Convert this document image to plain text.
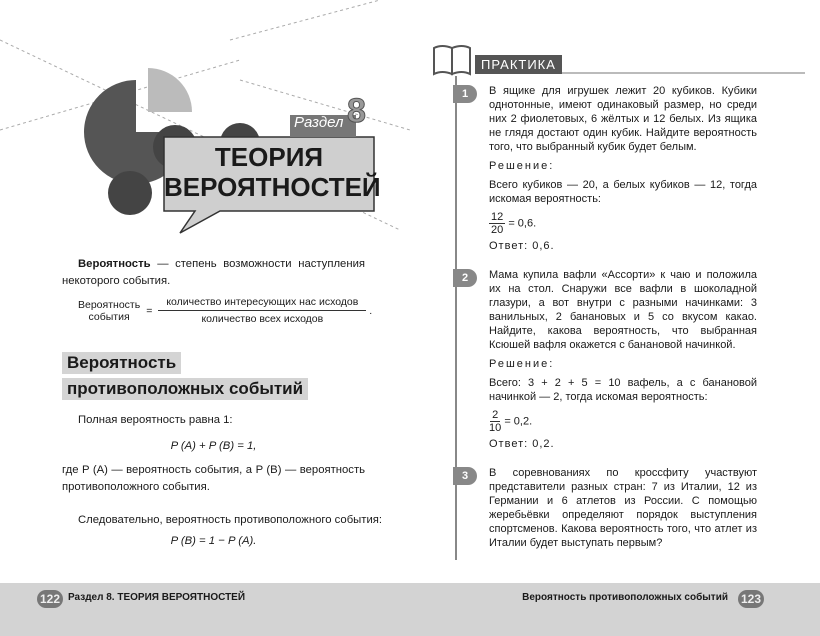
Раздел 8
ТЕОРИЯ
ВЕРОЯТНОСТЕЙ
Вероятность — степень возможности наступления некоторого события.
Вероятность
события	= $\frac{\text{количество интересующих нас исходов}}{\text{количество всех исходов}}$ .
Вероятность
противоположных событий
Полная вероятность равна 1:
P (A) + P (B) = 1,
где P (A) — вероятность события, а P (B) — вероятность противоположного события.
Следовательно, вероятность противоположного события:
P (B) = 1 − P (A).
ПРАКТИКА
1	В ящике для игрушек лежит 20 кубиков. Кубики однотонные, имеют одинаковый размер, но среди них 2 фиолетовых, 6 жёлтых и 12 белых. Из ящика не глядя достают один кубик. Найдите вероятность того, что выбранный кубик будет белым.
Решение:
Всего кубиков — 20, а белых кубиков — 12, тогда искомая вероятность:
$\frac{12}{20} = 0,6$.
Ответ: 0,6.
2	Мама купила вафли «Ассорти» к чаю и положила их на стол. Снаружи все вафли в шоколадной глазури, а вот внутри с разными начинками: 3 ванильных, 2 банановых и 5 со вкусом какао. Найдите, какова вероятность, что выбранная Ксюшей вафля окажется с банановой начинкой.
Решение:
Всего: 3 + 2 + 5 = 10 вафель, а с банановой начинкой — 2, тогда искомая вероятность:
$\frac{2}{10} = 0,2$.
Ответ: 0,2.
3	В соревнованиях по кроссфиту участвуют представители разных стран: 7 из Италии, 12 из Германии и 6 атлетов из России. С помощью жеребьёвки определяют порядок выступления спортсменов. Какова вероятность того, что атлет из Италии будет выступать первым?
122 Раздел 8. ТЕОРИЯ ВЕРОЯТНОСТЕЙ	Вероятность противоположных событий 123
